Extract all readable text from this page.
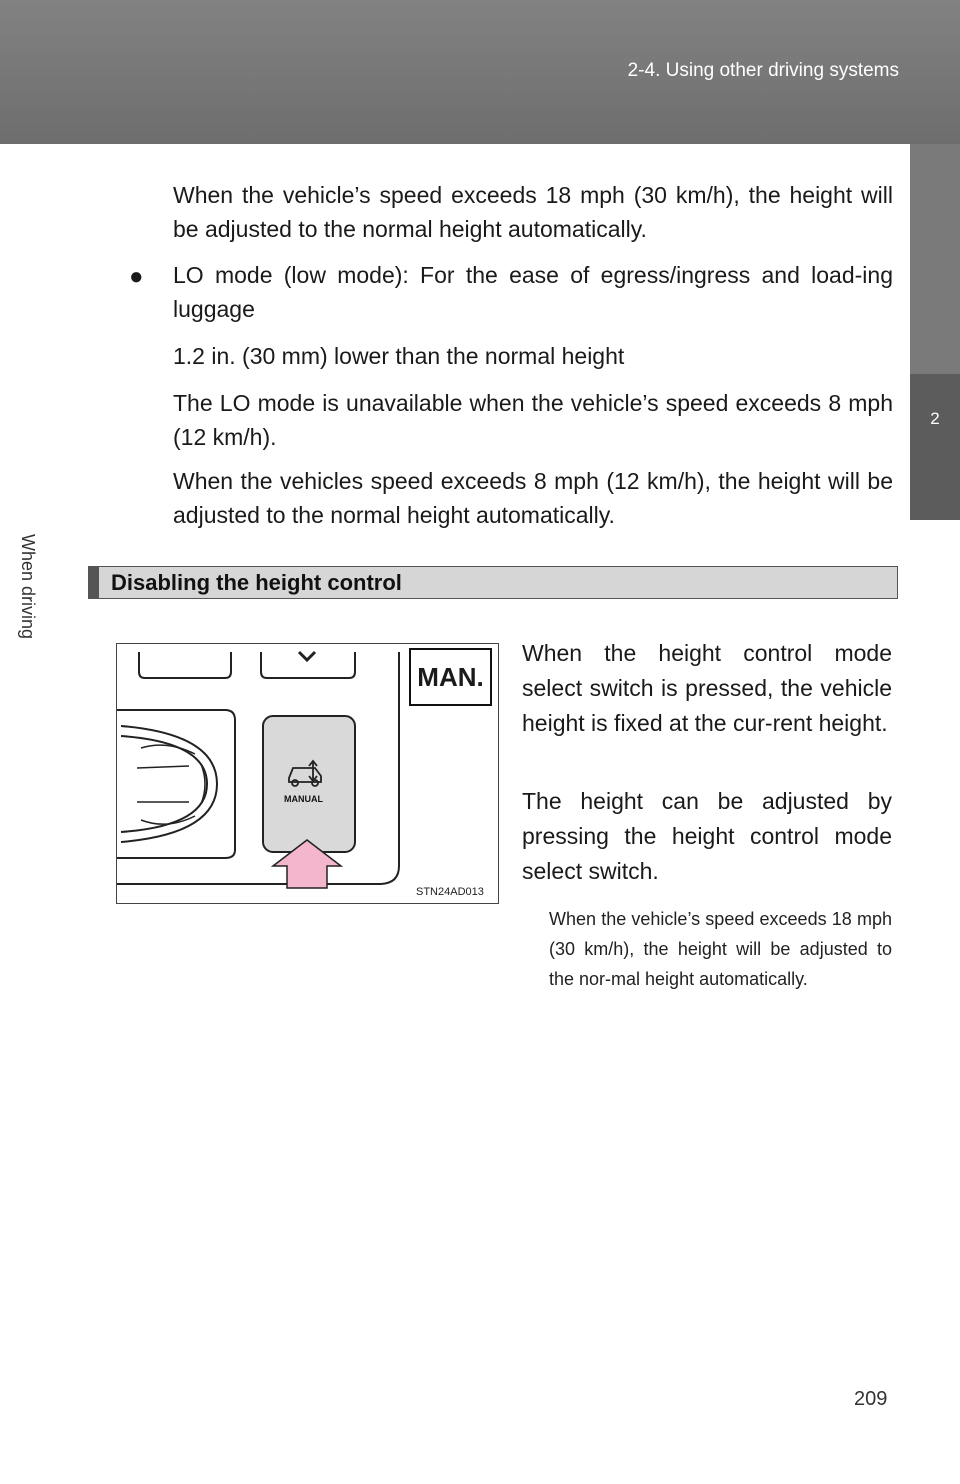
2-4. Using other driving systems
2
When driving
When the vehicle’s speed exceeds 18 mph (30 km/h), the height will be adjusted to the normal height automatically.
● LO mode (low mode): For the ease of egress/ingress and load-ing luggage
1.2 in. (30 mm) lower than the normal height
The LO mode is unavailable when the vehicle’s speed exceeds 8 mph (12 km/h).
When the vehicles speed exceeds 8 mph (12 km/h), the height will be adjusted to the normal height automatically.
Disabling the height control
MAN.
MANUAL
STN24AD013
When the height control mode select switch is pressed, the vehicle height is fixed at the cur-rent height.
The height can be adjusted by pressing the height control mode select switch.
When the vehicle’s speed exceeds 18 mph (30 km/h), the height will be adjusted to the nor-mal height automatically.
209
